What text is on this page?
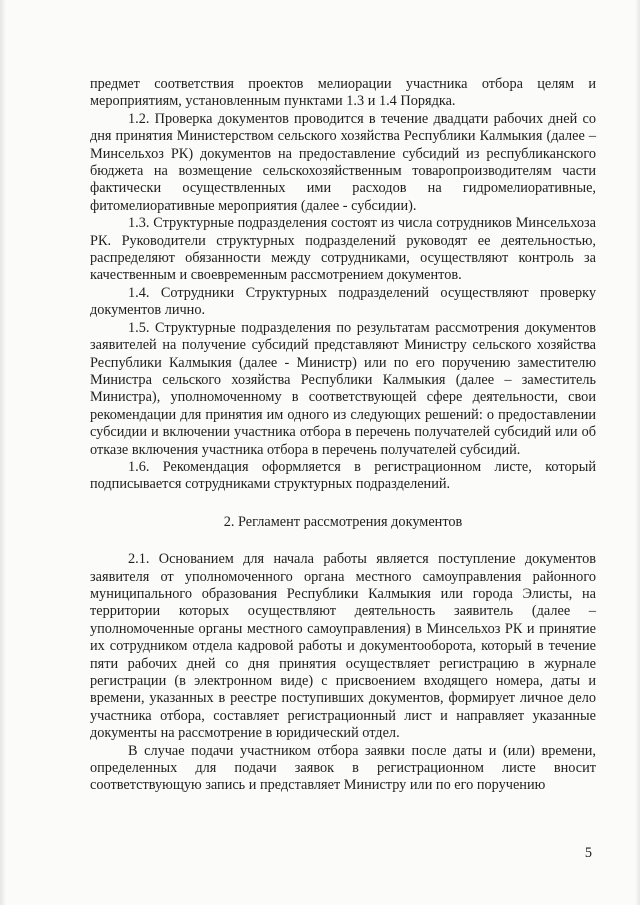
предмет соответствия проектов мелиорации участника отбора целям и мероприятиям, установленным пунктами 1.3 и 1.4 Порядка.

1.2. Проверка документов проводится в течение двадцати рабочих дней со дня принятия Министерством сельского хозяйства Республики Калмыкия (далее – Минсельхоз РК) документов на предоставление субсидий из республиканского бюджета на возмещение сельскохозяйственным товаропроизводителям части фактически осуществленных ими расходов на гидромелиоративные, фитомелиоративные мероприятия (далее - субсидии).

1.3. Структурные подразделения состоят из числа сотрудников Минсельхоза РК. Руководители структурных подразделений руководят ее деятельностью, распределяют обязанности между сотрудниками, осуществляют контроль за качественным и своевременным рассмотрением документов.

1.4. Сотрудники Структурных подразделений осуществляют проверку документов лично.

1.5. Структурные подразделения по результатам рассмотрения документов заявителей на получение субсидий представляют Министру сельского хозяйства Республики Калмыкия (далее - Министр) или по его поручению заместителю Министра сельского хозяйства Республики Калмыкия (далее – заместитель Министра), уполномоченному в соответствующей сфере деятельности, свои рекомендации для принятия им одного из следующих решений: о предоставлении субсидии и включении участника отбора в перечень получателей субсидий или об отказе включения участника отбора в перечень получателей субсидий.

1.6. Рекомендация оформляется в регистрационном листе, который подписывается сотрудниками структурных подразделений.

2. Регламент рассмотрения документов

2.1. Основанием для начала работы является поступление документов заявителя от уполномоченного органа местного самоуправления районного муниципального образования Республики Калмыкия или города Элисты, на территории которых осуществляют деятельность заявитель (далее – уполномоченные органы местного самоуправления) в Минсельхоз РК и принятие их сотрудником отдела кадровой работы и документооборота, который в течение пяти рабочих дней со дня принятия осуществляет регистрацию в журнале регистрации (в электронном виде) с присвоением входящего номера, даты и времени, указанных в реестре поступивших документов, формирует личное дело участника отбора, составляет регистрационный лист и направляет указанные документы на рассмотрение в юридический отдел.

В случае подачи участником отбора заявки после даты и (или) времени, определенных для подачи заявок в регистрационном листе вносит соответствующую запись и представляет Министру или по его поручению

5
